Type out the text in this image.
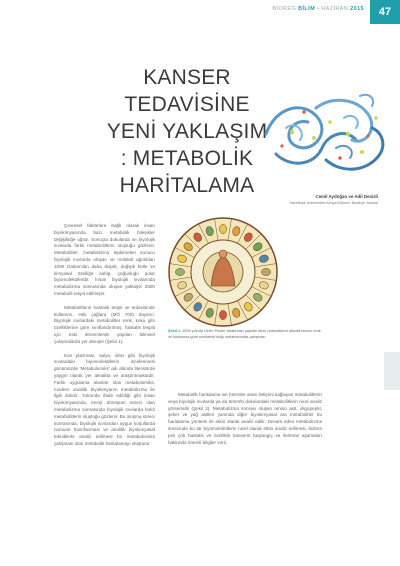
47
BİOREG BİLİM • HAZİRAN 2015
KANSER TEDAVİSİNE YENİ YAKLAŞIM : METABOLİK HARİTALAMA	Cemil Aydoğan ve Adil Denizli
Hacettepe Üniversitesi Kimya Bölümü, Beytepe, Ankara

Çevresel faktörlere bağlı olarak insan biyokimyasında bazı metabolik bileşikler değişikliğe uğrar. Sonuçta dokularda ve biyolojik sıvılarda farklı metabolitlerin oluştuğu gözlenir. Metabolitler, metabolizma tepkimeleri sonucu biyolojik sıvılarda oluşan ve molekül ağırlıkları 1000 Dalton'dan daha düşük, değişik kütle ve kimyasal özelliğe sahip, çoğunluğu polar biyomoleküllerdir. İnsan biyolojik sıvılarında metabolizma sonrasında oluşan yaklaşık 2500 metabolit tespit edilmiştir.

Metabolitlerin hastalık tespit ve tedavisinde kullanımı, eski çağlara (MÖ 700) dayanır. Biyolojik sıvılardaki metabolitler renk, koku gibi özelliklerine göre sınıflandırılmış, hastalık tespiti için eski dönemlerde yapılan bilimsel çalışmalarda yer almıştır (Şekil 1).

Kan plazması, salya, idrar gibi biyolojik sıvılardaki biyomoleküllerin incelenmesi günümüzde 'Metabolomiks' adı altında literatürde yaygın olarak yer almakta ve araştırılmaktadır. Farklı uygulama alanları olan metabolomiks, modern analitik biyokimyanın metabolizma ile ilgili dalıdır. Yukarıda ifade edildiği gibi insan biyokimyasında, enerji dönüşüm süreci olan metabolizma sonrasında biyolojik sıvılarda farklı metabolitlerin oluştuğu gözlenir. Bu oluşma süreci sonrasında, biyolojik sıvılardan uygun koşullarda numune hazırlanması ve analitik biyokimyasal tekniklerle analiz edilmesi bir metabolomiks çalışması olan metabolik haritalamayı oluşturur.

Şekil 1. 1506 yılında Ulrich Pinder tarafından yapılan farklı hastalıkların altında idrarın renk ve kokusuna göre sınıflandırıldığı metabolomiks çalışması

Metabolik haritalama ise hücreler arası iletişimi sağlayan metabolitlerin veya biyolojik sıvılarda ya da tümörlü dokulardaki metabolitlerin nicel analiz yöntemidir (Şekil 2). Metabolizma sonrası oluşan amino asit, oligopeptit, şeker ve yağ asitleri yanında diğer biyokimyasal ara metabolitler bu haritalama yöntemi ile etkin olarak analiz edilir. Devam eden metabolizma sürecinde bu tür biyomoleküllerin nicel olarak etkin analiz edilmesi, bizlere pek çok hastalık ve özellikle kanserin başlangıç ve ilerleme aşamaları hakkında önemli bilgiler verir.
